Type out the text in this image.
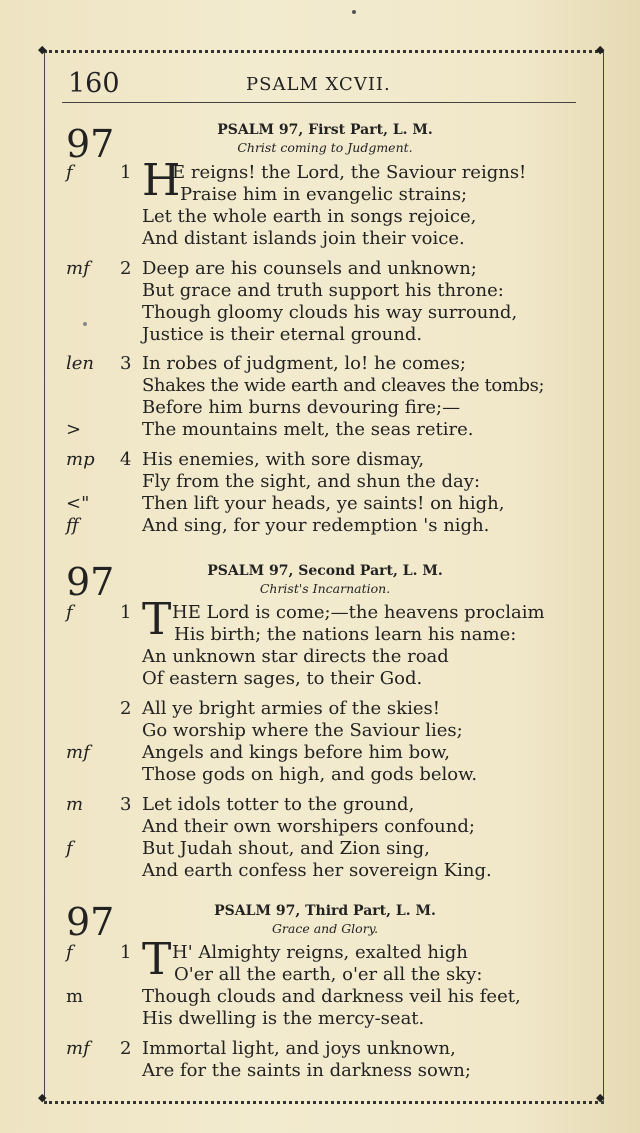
◆	◆
◆	◆
160	PSALM XCVII.
97	PSALM 97, First Part, L. M.
Christ coming to Judgment.
H
f	1 E reigns! the Lord, the Saviour reigns!
Praise him in evangelic strains;
Let the whole earth in songs rejoice,
And distant islands join their voice.
mf 2 Deep are his counsels and unknown;
But grace and truth support his throne:
Though gloomy clouds his way surround,
Justice is their eternal ground.
len 3 In robes of judgment, lo! he comes;
Shakes the wide earth and cleaves the tombs;
Before him burns devouring fire;—
>	The mountains melt, the seas retire.
mp 4 His enemies, with sore dismay,
Fly from the sight, and shun the day:
<"	Then lift your heads, ye saints! on high,
ff	And sing, for your redemption 's nigh.
97	PSALM 97, Second Part, L. M.
Christ's Incarnation.
T
f	1 HE Lord is come;—the heavens proclaim
His birth; the nations learn his name:
An unknown star directs the road
Of eastern sages, to their God.
2 All ye bright armies of the skies!
Go worship where the Saviour lies;
mf	Angels and kings before him bow,
Those gods on high, and gods below.
m 3 Let idols totter to the ground,
And their own worshipers confound;
f	But Judah shout, and Zion sing,
And earth confess her sovereign King.
97	PSALM 97, Third Part, L. M.
Grace and Glory.
T
f	1 H' Almighty reigns, exalted high
O'er all the earth, o'er all the sky:
m	Though clouds and darkness veil his feet,
His dwelling is the mercy-seat.
mf 2 Immortal light, and joys unknown,
Are for the saints in darkness sown;
